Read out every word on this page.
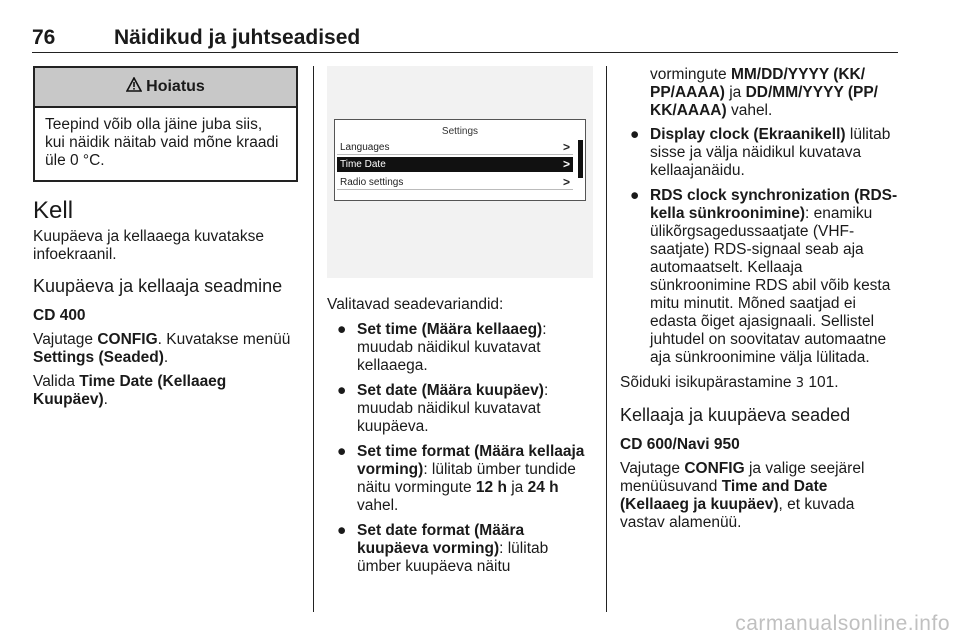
76	Näidikud ja juhtseadised
Hoiatus
Teepind võib olla jäine juba siis, kui näidik näitab vaid mõne kraadi üle 0 °C.
Kell

Kuupäeva ja kellaaega kuvatakse infoekraanil.

Kuupäeva ja kellaaja seadmine
CD 400

Vajutage CONFIG. Kuvatakse menüü Settings (Seaded).

Valida Time Date (Kellaaeg Kuupäev).

Settings
Languages	>
Time Date	>
Radio settings	>

Valitavad seadevariandid:

● Set time (Määra kellaaeg): muudab näidikul kuvatavat kellaaega.
● Set date (Määra kuupäev): muudab näidikul kuvatavat kuupäeva.
● Set time format (Määra kellaaja vorming): lülitab ümber tundide näitu vormingute 12 h ja 24 h vahel.
● Set date format (Määra kuupäeva vorming): lülitab ümber kuupäeva näitu

vormingute MM/DD/YYYY (KK/ PP/AAAA) ja DD/MM/YYYY (PP/ KK/AAAA) vahel.

● Display clock (Ekraanikell) lülitab sisse ja välja näidikul kuvatava kellaajanäidu.
● RDS clock synchronization (RDS-kella sünkroonimine): enamiku ülikõrgsagedussaatjate (VHF-saatjate) RDS-signaal seab aja automaatselt. Kellaaja sünkroonimine RDS abil võib kesta mitu minutit. Mõned saatjad ei edasta õiget ajasignaali. Sellistel juhtudel on soovitatav automaatne aja sünkroonimine välja lülitada.

Sõiduki isikupärastamine 3 101.

Kellaaja ja kuupäeva seaded
CD 600/Navi 950

Vajutage CONFIG ja valige seejärel menüüsuvand Time and Date (Kellaaeg ja kuupäev), et kuvada vastav alamenüü.

carmanualsonline.info
